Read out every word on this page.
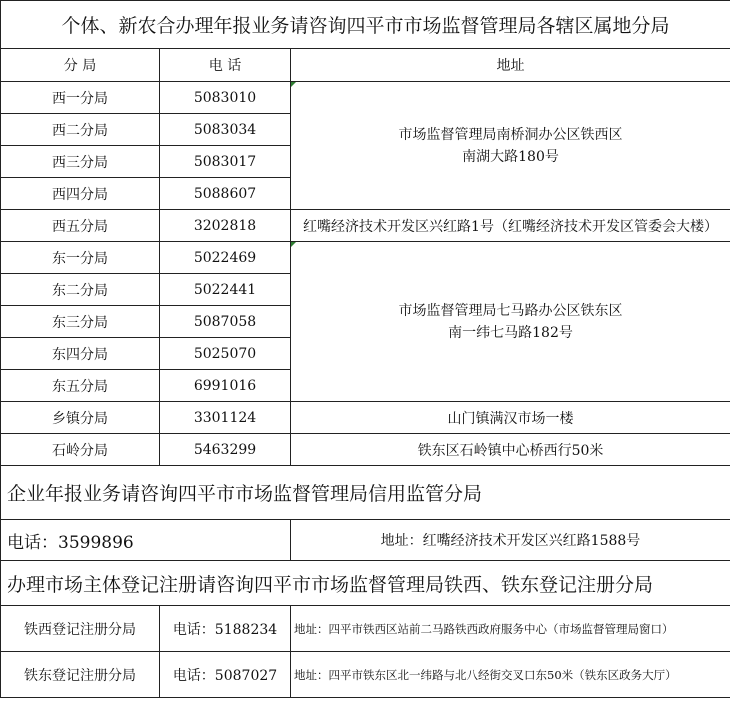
个体、新农合办理年报业务请咨询四平市市场监督管理局各辖区属地分局		
分 局	电 话	地址
西一分局	5083010	市场监督管理局南桥洞办公区铁西区
南湖大路180号

西二分局	5083034	
西三分局	5083017	
西四分局	5088607	
西五分局	3202818	红嘴经济技术开发区兴红路1号（红嘴经济技术开发区管委会大楼）
东一分局	5022469	市场监督管理局七马路办公区铁东区
南一纬七马路182号

东二分局	5022441	
东三分局	5087058	
东四分局	5025070	
东五分局	6991016	
乡镇分局	3301124	山门镇满汉市场一楼
石岭分局	5463299	铁东区石岭镇中心桥西行50米
企业年报业务请咨询四平市市场监督管理局信用监管分局		
电话：3599896		地址：红嘴经济技术开发区兴红路1588号
办理市场主体登记注册请咨询四平市市场监督管理局铁西、铁东登记注册分局		
铁西登记注册分局	电话：5188234	地址：四平市铁西区站前二马路铁西政府服务中心（市场监督管理局窗口）
铁东登记注册分局	电话：5087027	地址：四平市铁东区北一纬路与北八经街交叉口东50米（铁东区政务大厅）
